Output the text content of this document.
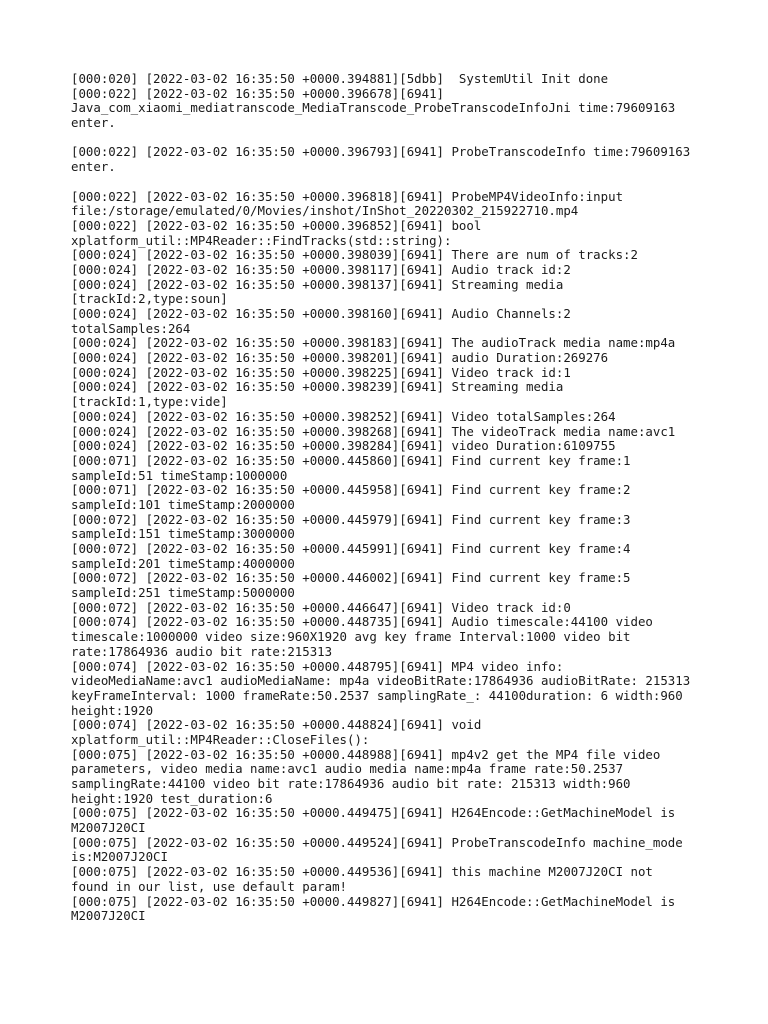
[000:020] [2022-03-02 16:35:50 +0000.394881][5dbb]  SystemUtil Init done
[000:022] [2022-03-02 16:35:50 +0000.396678][6941]
Java_com_xiaomi_mediatranscode_MediaTranscode_ProbeTranscodeInfoJni time:79609163
enter.
[000:022] [2022-03-02 16:35:50 +0000.396793][6941] ProbeTranscodeInfo time:79609163
enter.
[000:022] [2022-03-02 16:35:50 +0000.396818][6941] ProbeMP4VideoInfo:input
file:/storage/emulated/0/Movies/inshot/InShot_20220302_215922710.mp4
[000:022] [2022-03-02 16:35:50 +0000.396852][6941] bool
xplatform_util::MP4Reader::FindTracks(std::string):
[000:024] [2022-03-02 16:35:50 +0000.398039][6941] There are num of tracks:2
[000:024] [2022-03-02 16:35:50 +0000.398117][6941] Audio track id:2
[000:024] [2022-03-02 16:35:50 +0000.398137][6941] Streaming media
[trackId:2,type:soun]
[000:024] [2022-03-02 16:35:50 +0000.398160][6941] Audio Channels:2
totalSamples:264
[000:024] [2022-03-02 16:35:50 +0000.398183][6941] The audioTrack media name:mp4a
[000:024] [2022-03-02 16:35:50 +0000.398201][6941] audio Duration:269276
[000:024] [2022-03-02 16:35:50 +0000.398225][6941] Video track id:1
[000:024] [2022-03-02 16:35:50 +0000.398239][6941] Streaming media
[trackId:1,type:vide]
[000:024] [2022-03-02 16:35:50 +0000.398252][6941] Video totalSamples:264
[000:024] [2022-03-02 16:35:50 +0000.398268][6941] The videoTrack media name:avc1
[000:024] [2022-03-02 16:35:50 +0000.398284][6941] video Duration:6109755
[000:071] [2022-03-02 16:35:50 +0000.445860][6941] Find current key frame:1
sampleId:51 timeStamp:1000000
[000:071] [2022-03-02 16:35:50 +0000.445958][6941] Find current key frame:2
sampleId:101 timeStamp:2000000
[000:072] [2022-03-02 16:35:50 +0000.445979][6941] Find current key frame:3
sampleId:151 timeStamp:3000000
[000:072] [2022-03-02 16:35:50 +0000.445991][6941] Find current key frame:4
sampleId:201 timeStamp:4000000
[000:072] [2022-03-02 16:35:50 +0000.446002][6941] Find current key frame:5
sampleId:251 timeStamp:5000000
[000:072] [2022-03-02 16:35:50 +0000.446647][6941] Video track id:0
[000:074] [2022-03-02 16:35:50 +0000.448735][6941] Audio timescale:44100 video
timescale:1000000 video size:960X1920 avg key frame Interval:1000 video bit
rate:17864936 audio bit rate:215313
[000:074] [2022-03-02 16:35:50 +0000.448795][6941] MP4 video info:
videoMediaName:avc1 audioMediaName: mp4a videoBitRate:17864936 audioBitRate: 215313
keyFrameInterval: 1000 frameRate:50.2537 samplingRate_: 44100duration: 6 width:960
height:1920
[000:074] [2022-03-02 16:35:50 +0000.448824][6941] void
xplatform_util::MP4Reader::CloseFiles():
[000:075] [2022-03-02 16:35:50 +0000.448988][6941] mp4v2 get the MP4 file video
parameters, video media name:avc1 audio media name:mp4a frame rate:50.2537
samplingRate:44100 video bit rate:17864936 audio bit rate: 215313 width:960
height:1920 test_duration:6
[000:075] [2022-03-02 16:35:50 +0000.449475][6941] H264Encode::GetMachineModel is
M2007J20CI
[000:075] [2022-03-02 16:35:50 +0000.449524][6941] ProbeTranscodeInfo machine_mode
is:M2007J20CI
[000:075] [2022-03-02 16:35:50 +0000.449536][6941] this machine M2007J20CI not
found in our list, use default param!
[000:075] [2022-03-02 16:35:50 +0000.449827][6941] H264Encode::GetMachineModel is
M2007J20CI
